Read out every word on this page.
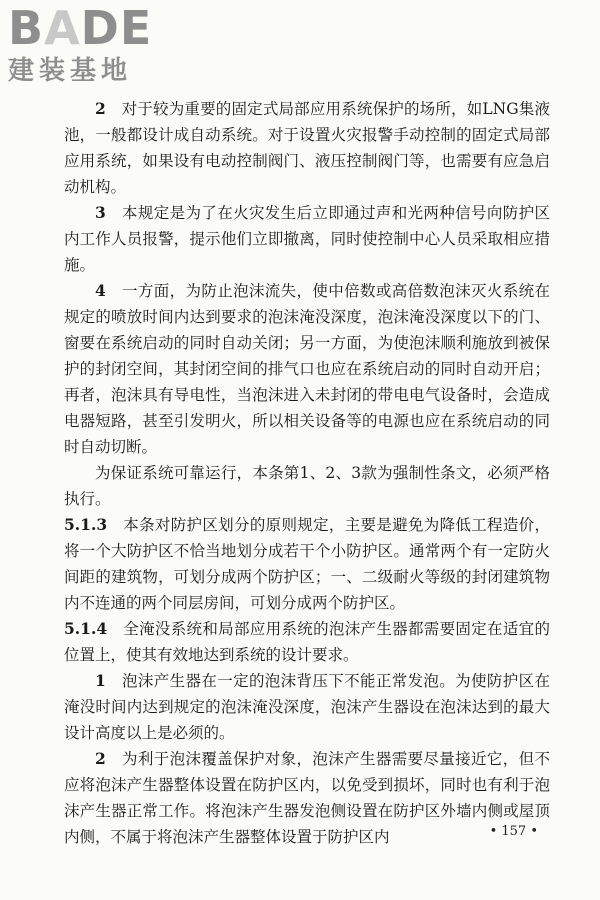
BADE
建装基地

2　 对于较为重要的固定式局部应用系统保护的场所，如LNG集液池，一般都设计成自动系统。对于设置火灾报警手动控制的固定式局部应用系统，如果设有电动控制阀门、液压控制阀门等，也需要有应急启动机构。

3　 本规定是为了在火灾发生后立即通过声和光两种信号向防护区内工作人员报警，提示他们立即撤离，同时使控制中心人员采取相应措施。

4　 一方面，为防止泡沫流失，使中倍数或高倍数泡沫灭火系统在规定的喷放时间内达到要求的泡沫淹没深度，泡沫淹没深度以下的门、窗要在系统启动的同时自动关闭；另一方面，为使泡沫顺利施放到被保护的封闭空间，其封闭空间的排气口也应在系统启动的同时自动开启；再者，泡沫具有导电性，当泡沫进入未封闭的带电电气设备时，会造成电器短路，甚至引发明火，所以相关设备等的电源也应在系统启动的同时自动切断。

为保证系统可靠运行，本条第1、2、3款为强制性条文，必须严格执行。

5.1.3　 本条对防护区划分的原则规定，主要是避免为降低工程造价，将一个大防护区不恰当地划分成若干个小防护区。通常两个有一定防火间距的建筑物，可划分成两个防护区；一、二级耐火等级的封闭建筑物内不连通的两个同层房间，可划分成两个防护区。

5.1.4　 全淹没系统和局部应用系统的泡沫产生器都需要固定在适宜的位置上，使其有效地达到系统的设计要求。

1　 泡沫产生器在一定的泡沫背压下不能正常发泡。为使防护区在淹没时间内达到规定的泡沫淹没深度，泡沫产生器设在泡沫达到的最大设计高度以上是必须的。

2　 为利于泡沫覆盖保护对象，泡沫产生器需要尽量接近它，但不应将泡沫产生器整体设置在防护区内，以免受到损坏，同时也有利于泡沫产生器正常工作。将泡沫产生器发泡侧设置在防护区外墙内侧或屋顶内侧，不属于将泡沫产生器整体设置于防护区内	• 157 •
